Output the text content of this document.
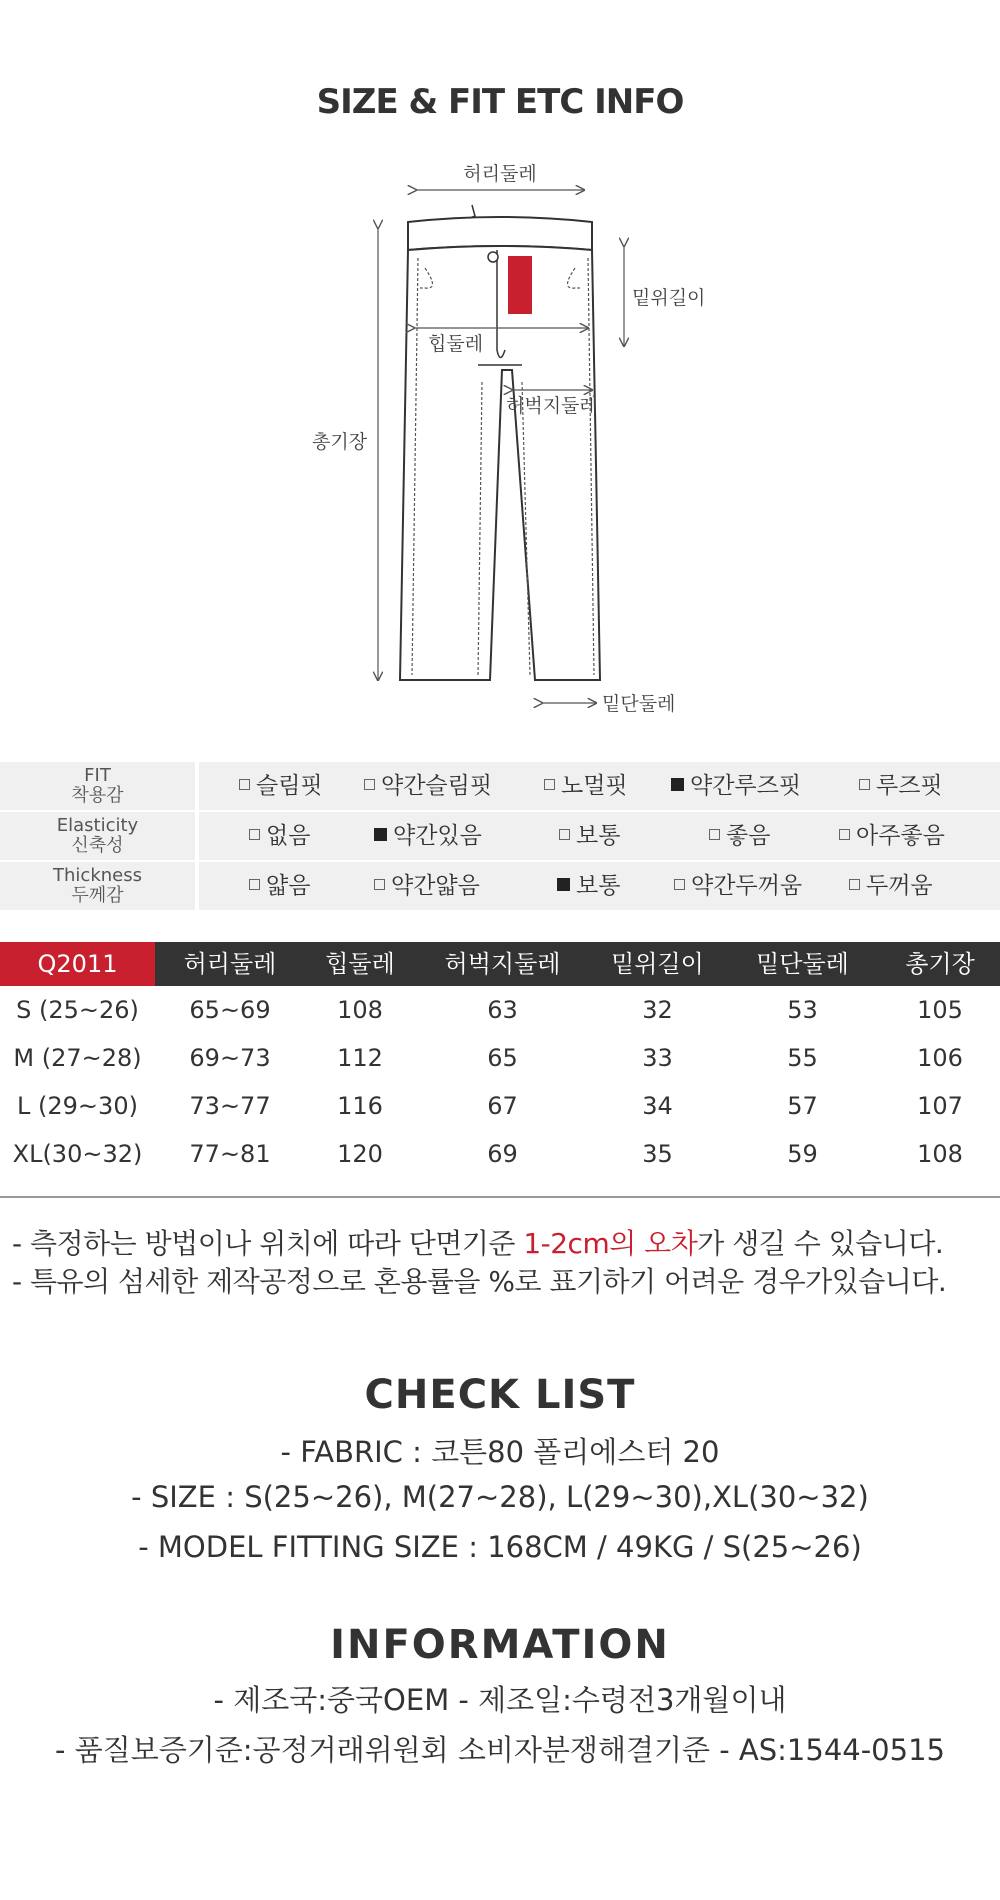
SIZE & FIT ETC INFO
허리둘레
밑위길이
힙둘레
허벅지둘레
총기장
밑단둘레
FIT
착용감	슬림핏	약간슬림핏	노멀핏	약간루즈핏	루즈핏
Elasticity
신축성	없음	약간있음	보통	좋음	아주좋음
Thickness
두께감	얇음	약간얇음	보통	약간두꺼움	두꺼움
Q2011	허리둘레	힙둘레	허벅지둘레	밑위길이	밑단둘레	총기장
S (25~26)	65~69	108	63	32	53	105
M (27~28)	69~73	112	65	33	55	106
L (29~30)	73~77	116	67	34	57	107
XL(30~32)	77~81	120	69	35	59	108
- 측정하는 방법이나 위치에 따라 단면기준 1-2cm의 오차가 생길 수 있습니다.
- 특유의 섬세한 제작공정으로 혼용률을 %로 표기하기 어려운 경우가있습니다.
CHECK LIST
- FABRIC : 코튼80 폴리에스터 20
- SIZE : S(25~26), M(27~28), L(29~30),XL(30~32)
- MODEL FITTING SIZE : 168CM / 49KG / S(25~26)
INFORMATION
- 제조국:중국OEM - 제조일:수령전3개월이내
- 품질보증기준:공정거래위원회 소비자분쟁해결기준 - AS:1544-0515
